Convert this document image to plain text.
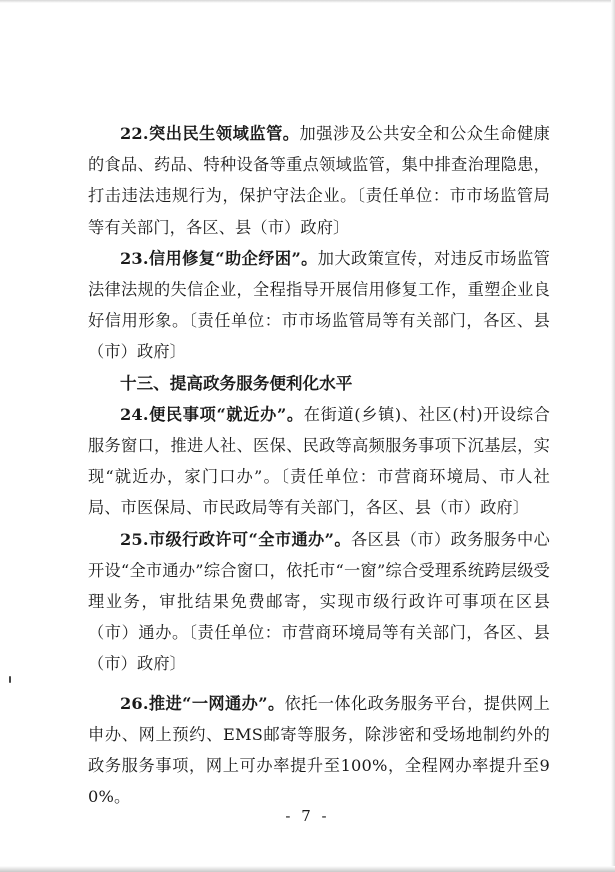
22.突出民生领域监管。加强涉及公共安全和公众生命健康的食品、药品、特种设备等重点领域监管，集中排查治理隐患，打击违法违规行为，保护守法企业。〔责任单位：市市场监管局等有关部门，各区、县（市）政府〕

23.信用修复“助企纾困”。加大政策宣传，对违反市场监管法律法规的失信企业，全程指导开展信用修复工作，重塑企业良好信用形象。〔责任单位：市市场监管局等有关部门，各区、县（市）政府〕

十三、提高政务服务便利化水平

24.便民事项“就近办”。在街道(乡镇)、社区(村)开设综合服务窗口，推进人社、医保、民政等高频服务事项下沉基层，实现“就近办，家门口办”。〔责任单位：市营商环境局、市人社局、市医保局、市民政局等有关部门，各区、县（市）政府〕

25.市级行政许可“全市通办”。各区县（市）政务服务中心开设“全市通办”综合窗口，依托市“一窗”综合受理系统跨层级受理业务，审批结果免费邮寄，实现市级行政许可事项在区县（市）通办。〔责任单位：市营商环境局等有关部门，各区、县（市）政府〕

26.推进“一网通办”。依托一体化政务服务平台，提供网上申办、网上预约、EMS邮寄等服务，除涉密和受场地制约外的政务服务事项，网上可办率提升至100%，全程网办率提升至90%。

- 7 -
